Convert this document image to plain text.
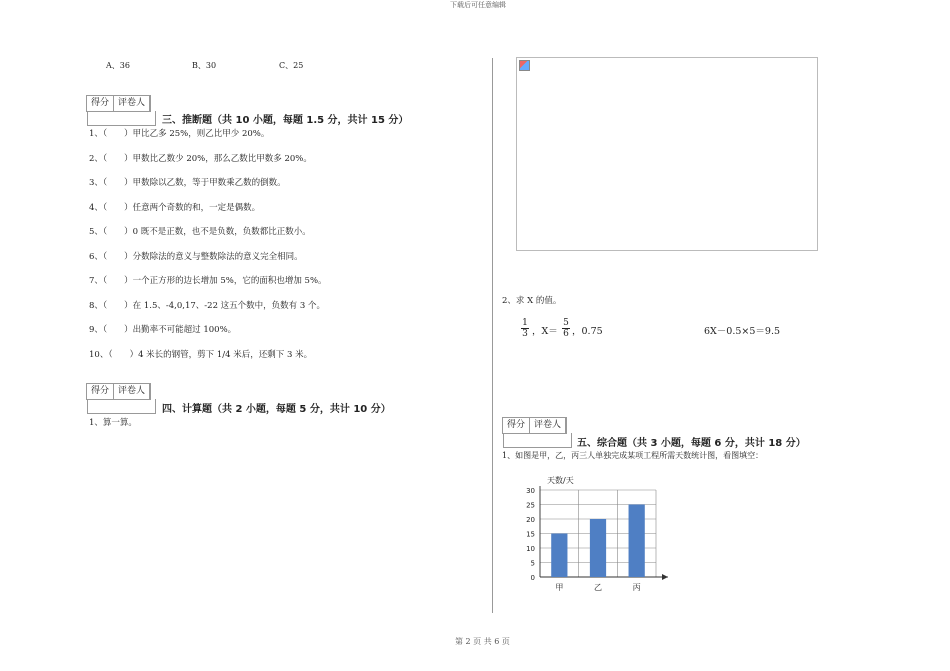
下载后可任意编辑
第 2 页 共 6 页
A、36	B、30	C、25
得分	评卷人
三、推断题（共 10 小题，每题 1.5 分，共计 15 分）
1、（　　）甲比乙多 25%，则乙比甲少 20%。
2、（　　）甲数比乙数少 20%，那么乙数比甲数多 20%。
3、（　　）甲数除以乙数，等于甲数乘乙数的倒数。
4、（　　）任意两个奇数的和，一定是偶数。
5、（　　）0 既不是正数，也不是负数，负数都比正数小。
6、（　　）分数除法的意义与整数除法的意义完全相同。
7、（　　）一个正方形的边长增加 5%，它的面积也增加 5%。
8、（　　）在 1.5、-4,0,17、-22 这五个数中，负数有 3 个。
9、（　　）出勤率不可能超过 100%。
10、（　　）4 米长的钢管，剪下 1/4 米后，还剩下 3 米。
得分	评卷人
四、计算题（共 2 小题，每题 5 分，共计 10 分）
1、算一算。
2、求 X 的值。
$\frac{1}{3}$ ，$X= \frac{5}{6}$ ，0.75	6X－0.5×5＝9.5
得分	评卷人
五、综合题（共 3 小题，每题 6 分，共计 18 分）
1、如图是甲，乙，丙三人单独完成某项工程所需天数统计图，看图填空：
0
5
10
15
20
25
30
甲	乙	丙
天数/天
